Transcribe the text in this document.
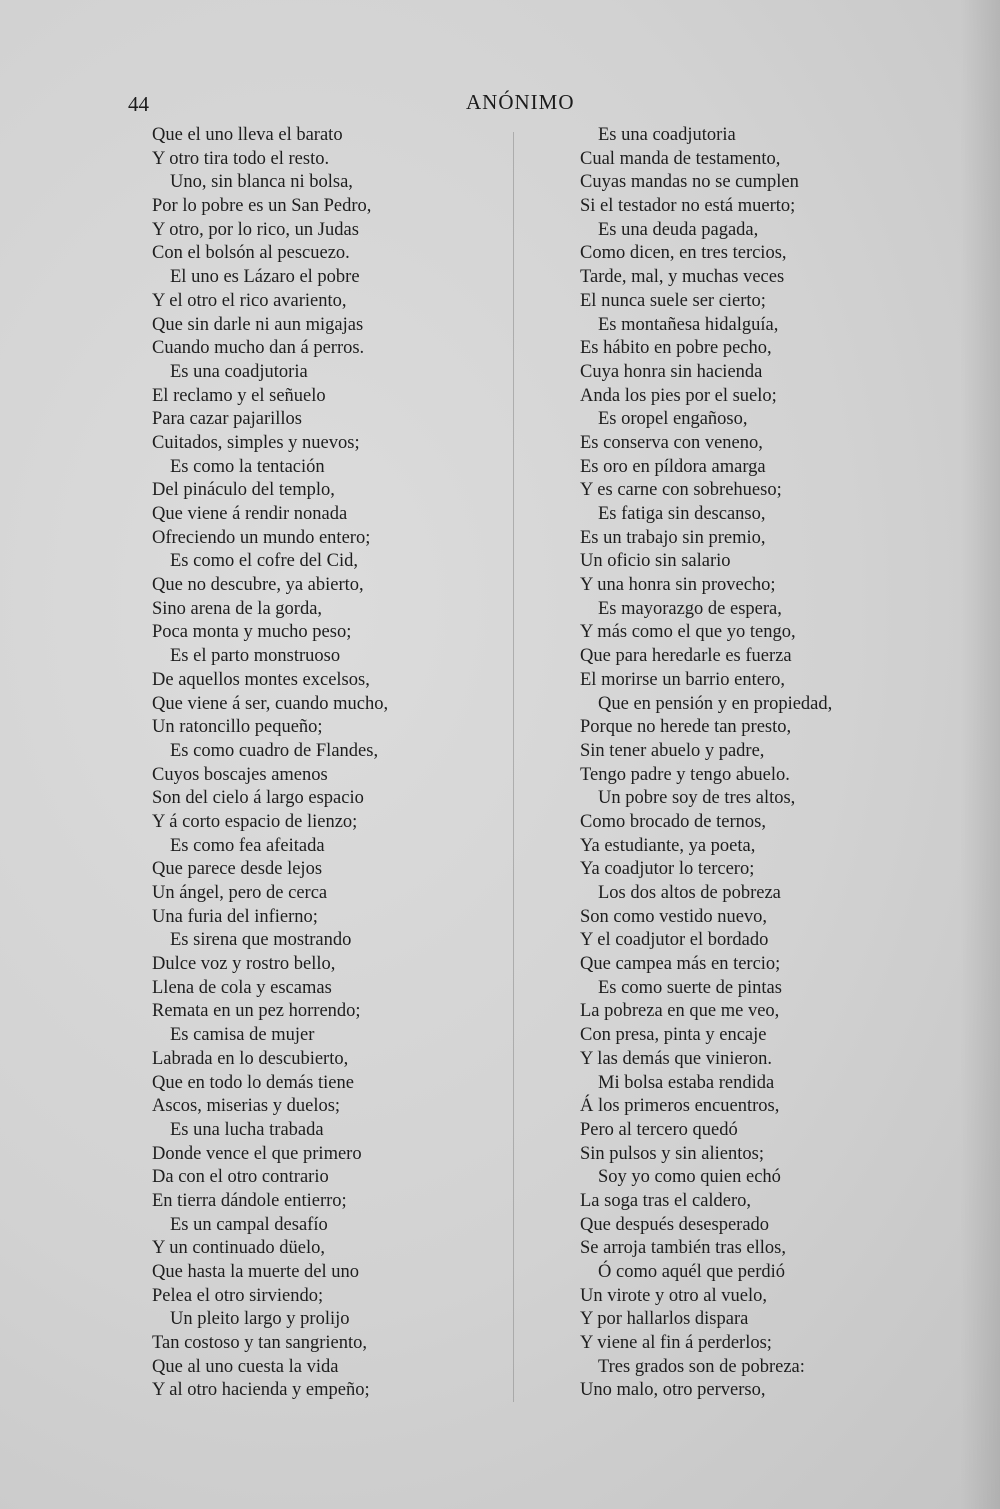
44	ANÓNIMO
Que el uno lleva el barato
Y otro tira todo el resto.
Uno, sin blanca ni bolsa,
Por lo pobre es un San Pedro,
Y otro, por lo rico, un Judas
Con el bolsón al pescuezo.
El uno es Lázaro el pobre
Y el otro el rico avariento,
Que sin darle ni aun migajas
Cuando mucho dan á perros.
Es una coadjutoria
El reclamo y el señuelo
Para cazar pajarillos
Cuitados, simples y nuevos;
Es como la tentación
Del pináculo del templo,
Que viene á rendir nonada
Ofreciendo un mundo entero;
Es como el cofre del Cid,
Que no descubre, ya abierto,
Sino arena de la gorda,
Poca monta y mucho peso;
Es el parto monstruoso
De aquellos montes excelsos,
Que viene á ser, cuando mucho,
Un ratoncillo pequeño;
Es como cuadro de Flandes,
Cuyos boscajes amenos
Son del cielo á largo espacio
Y á corto espacio de lienzo;
Es como fea afeitada
Que parece desde lejos
Un ángel, pero de cerca
Una furia del infierno;
Es sirena que mostrando
Dulce voz y rostro bello,
Llena de cola y escamas
Remata en un pez horrendo;
Es camisa de mujer
Labrada en lo descubierto,
Que en todo lo demás tiene
Ascos, miserias y duelos;
Es una lucha trabada
Donde vence el que primero
Da con el otro contrario
En tierra dándole entierro;
Es un campal desafío
Y un continuado düelo,
Que hasta la muerte del uno
Pelea el otro sirviendo;
Un pleito largo y prolijo
Tan costoso y tan sangriento,
Que al uno cuesta la vida
Y al otro hacienda y empeño;
Es una coadjutoria
Cual manda de testamento,
Cuyas mandas no se cumplen
Si el testador no está muerto;
Es una deuda pagada,
Como dicen, en tres tercios,
Tarde, mal, y muchas veces
El nunca suele ser cierto;
Es montañesa hidalguía,
Es hábito en pobre pecho,
Cuya honra sin hacienda
Anda los pies por el suelo;
Es oropel engañoso,
Es conserva con veneno,
Es oro en píldora amarga
Y es carne con sobrehueso;
Es fatiga sin descanso,
Es un trabajo sin premio,
Un oficio sin salario
Y una honra sin provecho;
Es mayorazgo de espera,
Y más como el que yo tengo,
Que para heredarle es fuerza
El morirse un barrio entero,
Que en pensión y en propiedad,
Porque no herede tan presto,
Sin tener abuelo y padre,
Tengo padre y tengo abuelo.
Un pobre soy de tres altos,
Como brocado de ternos,
Ya estudiante, ya poeta,
Ya coadjutor lo tercero;
Los dos altos de pobreza
Son como vestido nuevo,
Y el coadjutor el bordado
Que campea más en tercio;
Es como suerte de pintas
La pobreza en que me veo,
Con presa, pinta y encaje
Y las demás que vinieron.
Mi bolsa estaba rendida
Á los primeros encuentros,
Pero al tercero quedó
Sin pulsos y sin alientos;
Soy yo como quien echó
La soga tras el caldero,
Que después desesperado
Se arroja también tras ellos,
Ó como aquél que perdió
Un virote y otro al vuelo,
Y por hallarlos dispara
Y viene al fin á perderlos;
Tres grados son de pobreza:
Uno malo, otro perverso,
